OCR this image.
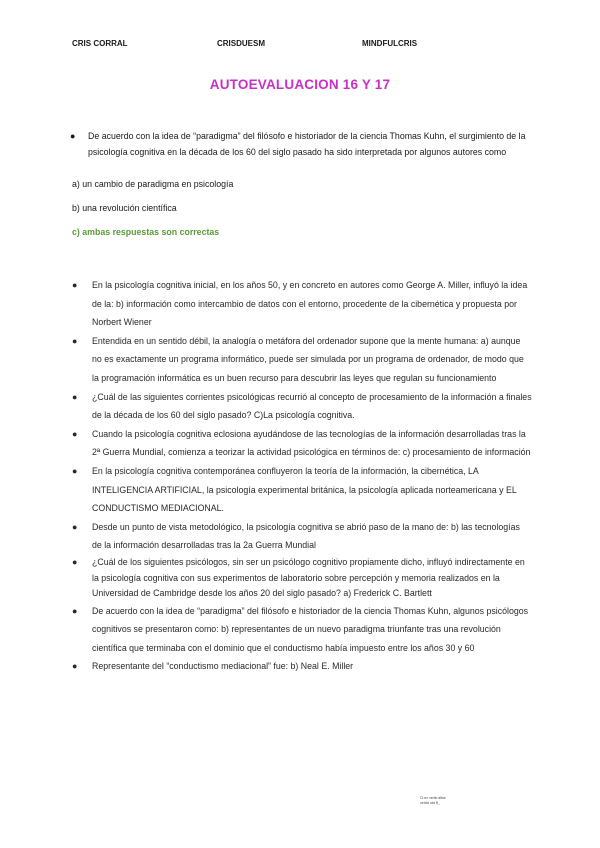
CRIS CORRAL	CRISDUESM	MINDFULCRIS
AUTOEVALUACION 16 Y 17
● De acuerdo con la idea de “paradigma” del filósofo e historiador de la ciencia Thomas Kuhn, el surgimiento de la psicología cognitiva en la década de los 60 del siglo pasado ha sido interpretada por algunos autores como
a) un cambio de paradigma en psicología
b) una revolución científica
c) ambas respuestas son correctas
● En la psicología cognitiva inicial, en los años 50, y en concreto en autores como George A. Miller, influyó la idea de la: b) información como intercambio de datos con el entorno, procedente de la cibernética y propuesta por Norbert Wiener
● Entendida en un sentido débil, la analogía o metáfora del ordenador supone que la mente humana: a) aunque no es exactamente un programa informático, puede ser simulada por un programa de ordenador, de modo que la programación informática es un buen recurso para descubrir las leyes que regulan su funcionamiento
● ¿Cuál de las siguientes corrientes psicológicas recurrió al concepto de procesamiento de la información a finales de la década de los 60 del siglo pasado? C)La psicología cognitiva.
● Cuando la psicología cognitiva eclosiona ayudándose de las tecnologías de la información desarrolladas tras la 2ª Guerra Mundial, comienza a teorizar la actividad psicológica en términos de: c) procesamiento de información
● En la psicología cognitiva contemporánea confluyeron la teoría de la información, la cibernética, LA INTELIGENCIA ARTIFICIAL, la psicología experimental británica, la psicología aplicada norteamericana y EL CONDUCTISMO MEDIACIONAL.
● Desde un punto de vista metodológico, la psicología cognitiva se abrió paso de la mano de: b) las tecnologías de la información desarrolladas tras la 2a Guerra Mundial
● ¿Cuál de los siguientes psicólogos, sin ser un psicólogo cognitivo propiamente dicho, influyó indirectamente en la psicología cognitiva con sus experimentos de laboratorio sobre percepción y memoria realizados en la Universidad de Cambridge desde los años 20 del siglo pasado? a) Frederick C. Bartlett
● De acuerdo con la idea de “paradigma” del filósofo e historiador de la ciencia Thomas Kuhn, algunos psicólogos cognitivos se presentaron como: b) representantes de un nuevo paradigma triunfante tras una revolución científica que terminaba con el dominio que el conductismo había impuesto entre los años 30 y 60
● Representante del “conductismo mediacional” fue: b) Neal E. Miller
Cl ev vertic alfse vertici obt ft_
